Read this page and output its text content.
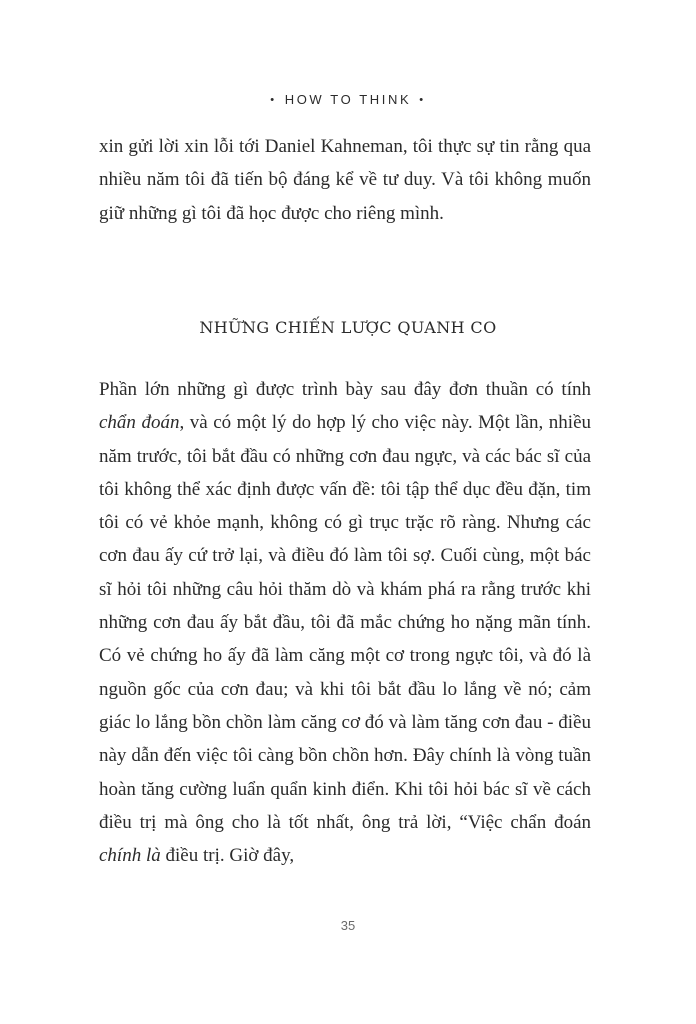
• HOW TO THINK •

xin gửi lời xin lỗi tới Daniel Kahneman, tôi thực sự tin rằng qua nhiều năm tôi đã tiến bộ đáng kể về tư duy. Và tôi không muốn giữ những gì tôi đã học được cho riêng mình.

NHỮNG CHIẾN LƯỢC QUANH CO

Phần lớn những gì được trình bày sau đây đơn thuần có tính chẩn đoán, và có một lý do hợp lý cho việc này. Một lần, nhiều năm trước, tôi bắt đầu có những cơn đau ngực, và các bác sĩ của tôi không thể xác định được vấn đề: tôi tập thể dục đều đặn, tim tôi có vẻ khỏe mạnh, không có gì trục trặc rõ ràng. Nhưng các cơn đau ấy cứ trở lại, và điều đó làm tôi sợ. Cuối cùng, một bác sĩ hỏi tôi những câu hỏi thăm dò và khám phá ra rằng trước khi những cơn đau ấy bắt đầu, tôi đã mắc chứng ho nặng mãn tính. Có vẻ chứng ho ấy đã làm căng một cơ trong ngực tôi, và đó là nguồn gốc của cơn đau; và khi tôi bắt đầu lo lắng về nó; cảm giác lo lắng bồn chồn làm căng cơ đó và làm tăng cơn đau - điều này dẫn đến việc tôi càng bồn chồn hơn. Đây chính là vòng tuần hoàn tăng cường luẩn quẩn kinh điển. Khi tôi hỏi bác sĩ về cách điều trị mà ông cho là tốt nhất, ông trả lời, “Việc chẩn đoán chính là điều trị. Giờ đây,

35
